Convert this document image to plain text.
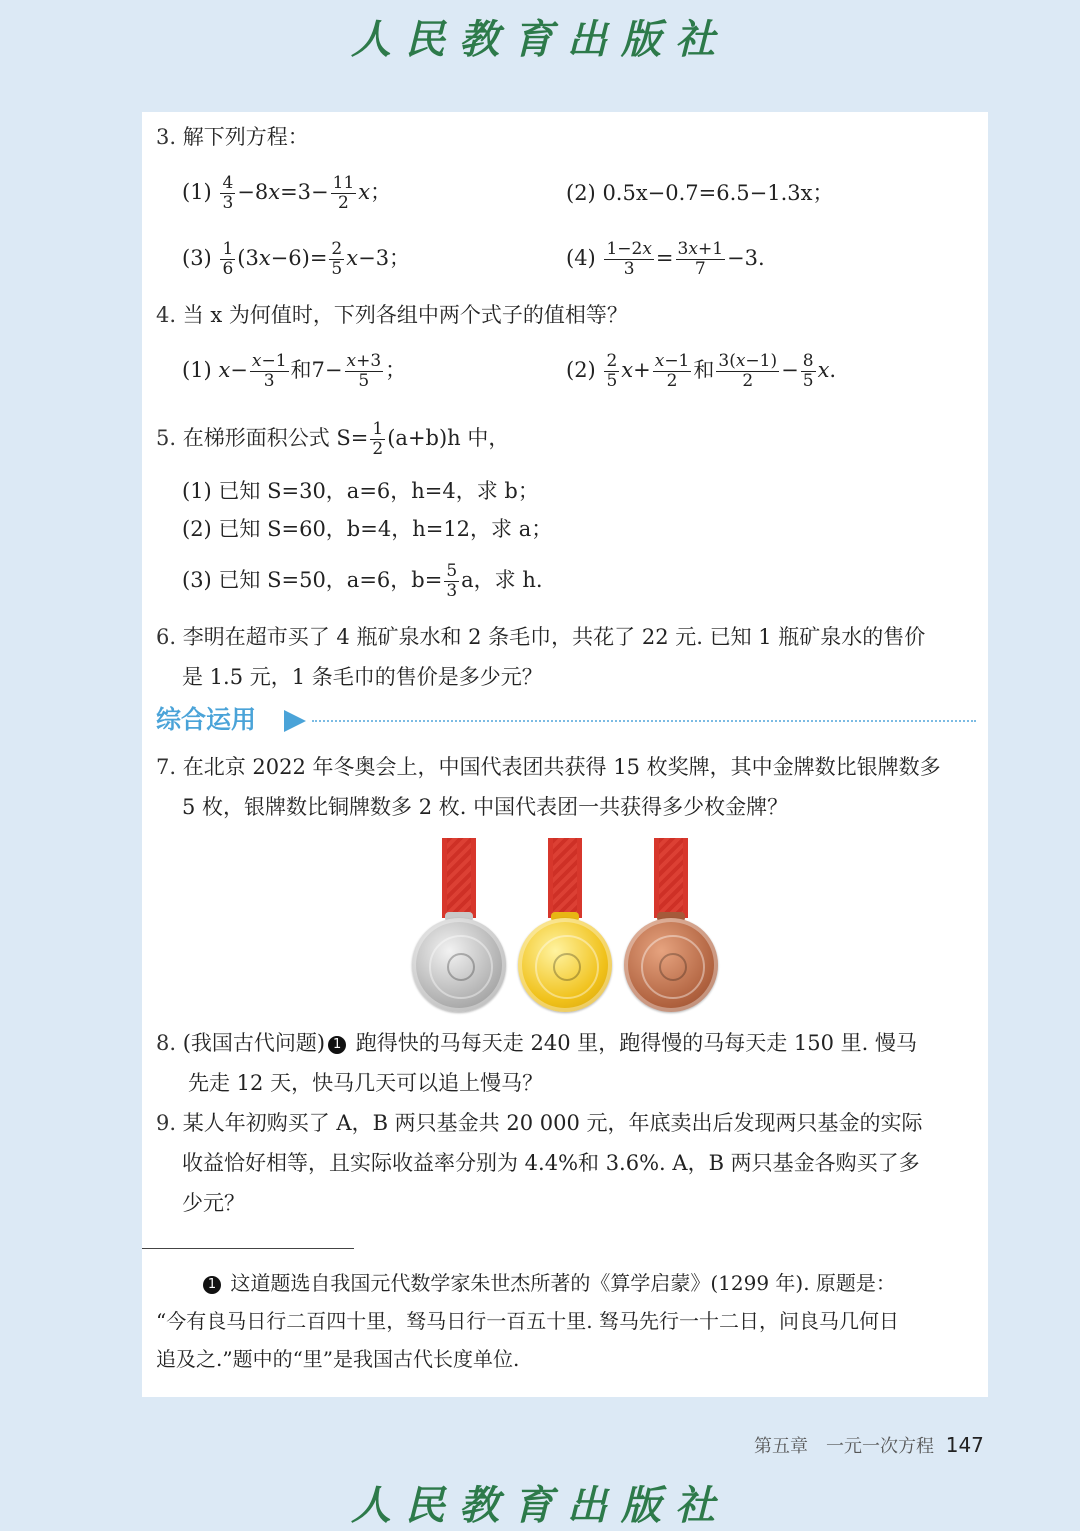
人民教育出版社
3. 解下列方程：
$(1) \frac{4}{3} -8x=3- \frac{11}{2}$ x；	(2) 0.5x−0.7=6.5−1.3x；
$(3) \frac{1}{6} (3x-6)= \frac{2}{5} x-3$；	$(4) \frac{1-2x}{3} = \frac{3x+1}{7} -3$.
4. 当 x 为何值时，下列各组中两个式子的值相等？
(1) $x- \frac{x-1}{3}$ 和$7- \frac{x+3}{5}$ ；	$(2) \frac{2}{5} x+ \frac{x-1}{2}$ 和 $\frac{3(x-1)}{2} - \frac{8}{5} x$.
5. 在梯形面积公式 $S= \frac{1}{2} (a+b)h$ 中，
(1) 已知 S=30，a=6，h=4，求 b；
(2) 已知 S=60，b=4，h=12，求 a；
(3) 已知 S=50，a=6，$b= \frac{5}{3}$ a，求 h.
6. 李明在超市买了 4 瓶矿泉水和 2 条毛巾，共花了 22 元. 已知 1 瓶矿泉水的售价
是 1.5 元，1 条毛巾的售价是多少元？
综合运用
7. 在北京 2022 年冬奥会上，中国代表团共获得 15 枚奖牌，其中金牌数比银牌数多
5 枚，银牌数比铜牌数多 2 枚. 中国代表团一共获得多少枚金牌？
8. (我国古代问题) 1 跑得快的马每天走 240 里，跑得慢的马每天走 150 里. 慢马
先走 12 天，快马几天可以追上慢马？
9. 某人年初购买了 A，B 两只基金共 20 000 元，年底卖出后发现两只基金的实际
收益恰好相等，且实际收益率分别为 4.4%和 3.6%. A，B 两只基金各购买了多
少元？
1 这道题选自我国元代数学家朱世杰所著的《算学启蒙》(1299 年). 原题是：
“今有良马日行二百四十里，驽马日行一百五十里. 驽马先行一十二日，问良马几何日
追及之.”题中的“里”是我国古代长度单位.
第五章　一元一次方程 147
人民教育出版社
